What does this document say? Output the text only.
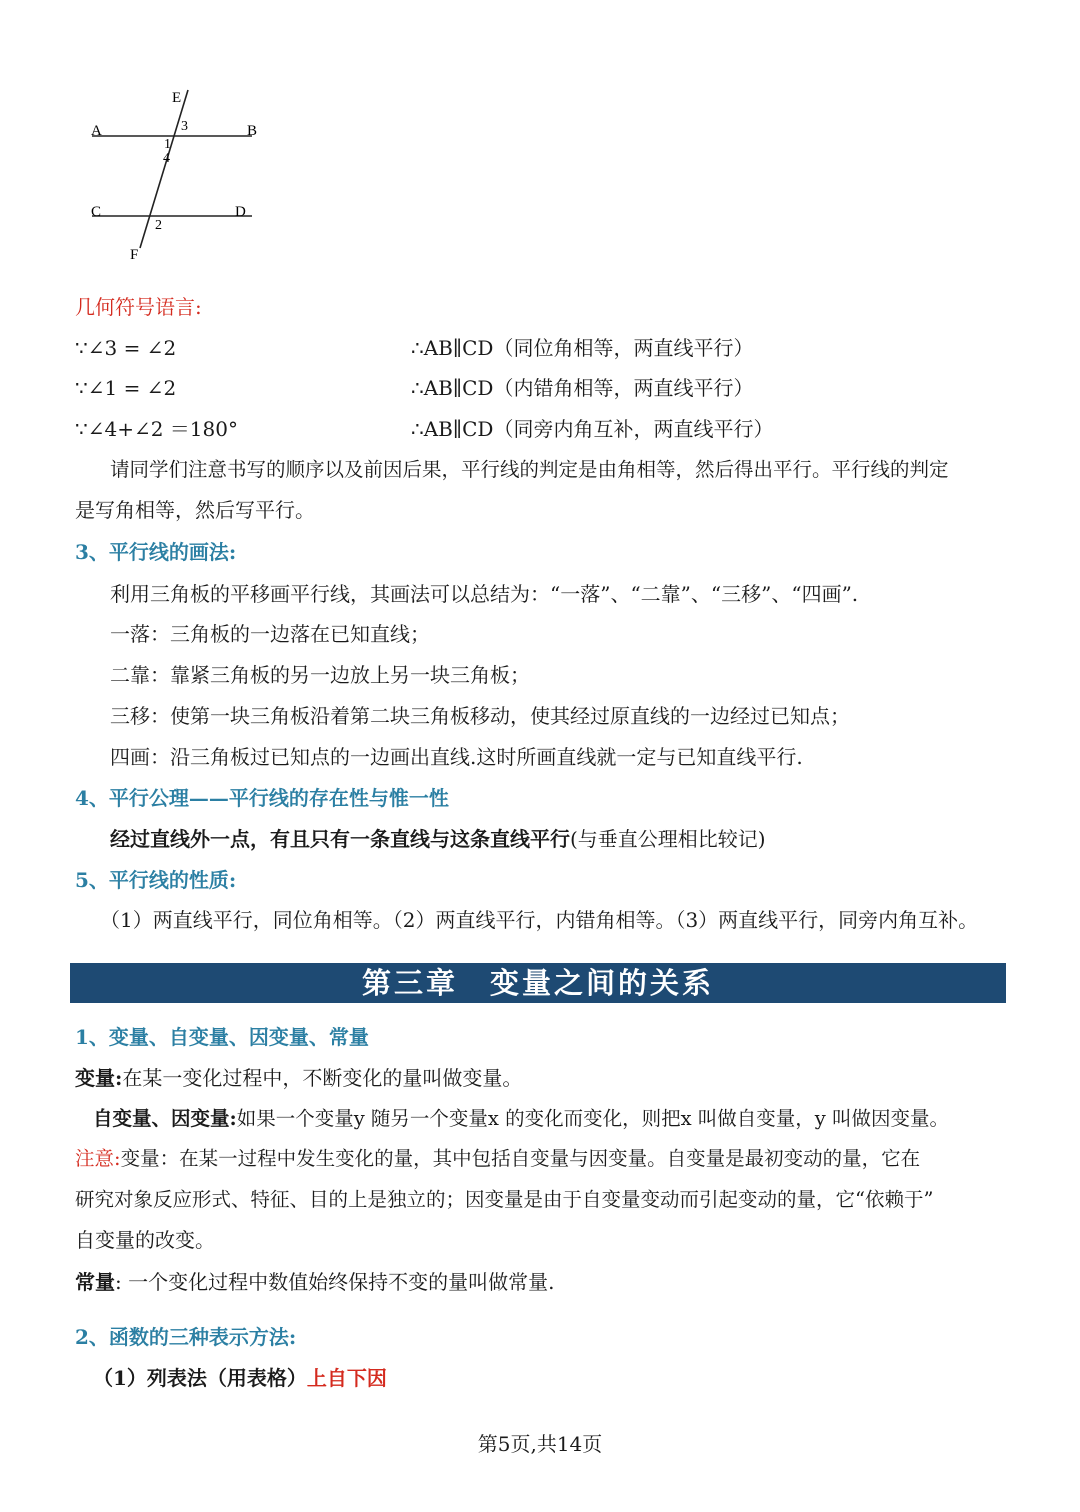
E
A	B
3
1
4
C	D
2
F
几何符号语言:
∵∠3 = ∠2	∴AB∥CD（同位角相等，两直线平行）
∵∠1 = ∠2	∴AB∥CD（内错角相等，两直线平行）
∵∠4+∠2 ＝180°	∴AB∥CD（同旁内角互补，两直线平行）
请同学们注意书写的顺序以及前因后果，平行线的判定是由角相等，然后得出平行。平行线的判定
是写角相等，然后写平行。
3、平行线的画法:
利用三角板的平移画平行线，其画法可以总结为：“一落”、“二靠”、“三移”、“四画”.
一落：三角板的一边落在已知直线；
二靠：靠紧三角板的另一边放上另一块三角板；
三移：使第一块三角板沿着第二块三角板移动，使其经过原直线的一边经过已知点；
四画：沿三角板过已知点的一边画出直线.这时所画直线就一定与已知直线平行.
4、平行公理——平行线的存在性与惟一性
经过直线外一点，有且只有一条直线与这条直线平行(与垂直公理相比较记)
5、平行线的性质:
（1）两直线平行，同位角相等。（2）两直线平行，内错角相等。（3）两直线平行，同旁内角互补。
第三章　变量之间的关系
1、变量、自变量、因变量、常量
变量:在某一变化过程中，不断变化的量叫做变量。
自变量、因变量:如果一个变量y 随另一个变量x 的变化而变化，则把x 叫做自变量，y 叫做因变量。
注意:变量：在某一过程中发生变化的量，其中包括自变量与因变量。自变量是最初变动的量，它在
研究对象反应形式、特征、目的上是独立的；因变量是由于自变量变动而引起变动的量，它“依赖于”
自变量的改变。
常量: 一个变化过程中数值始终保持不变的量叫做常量.
2、函数的三种表示方法:
（1）列表法（用表格）上自下因
第5页,共14页
